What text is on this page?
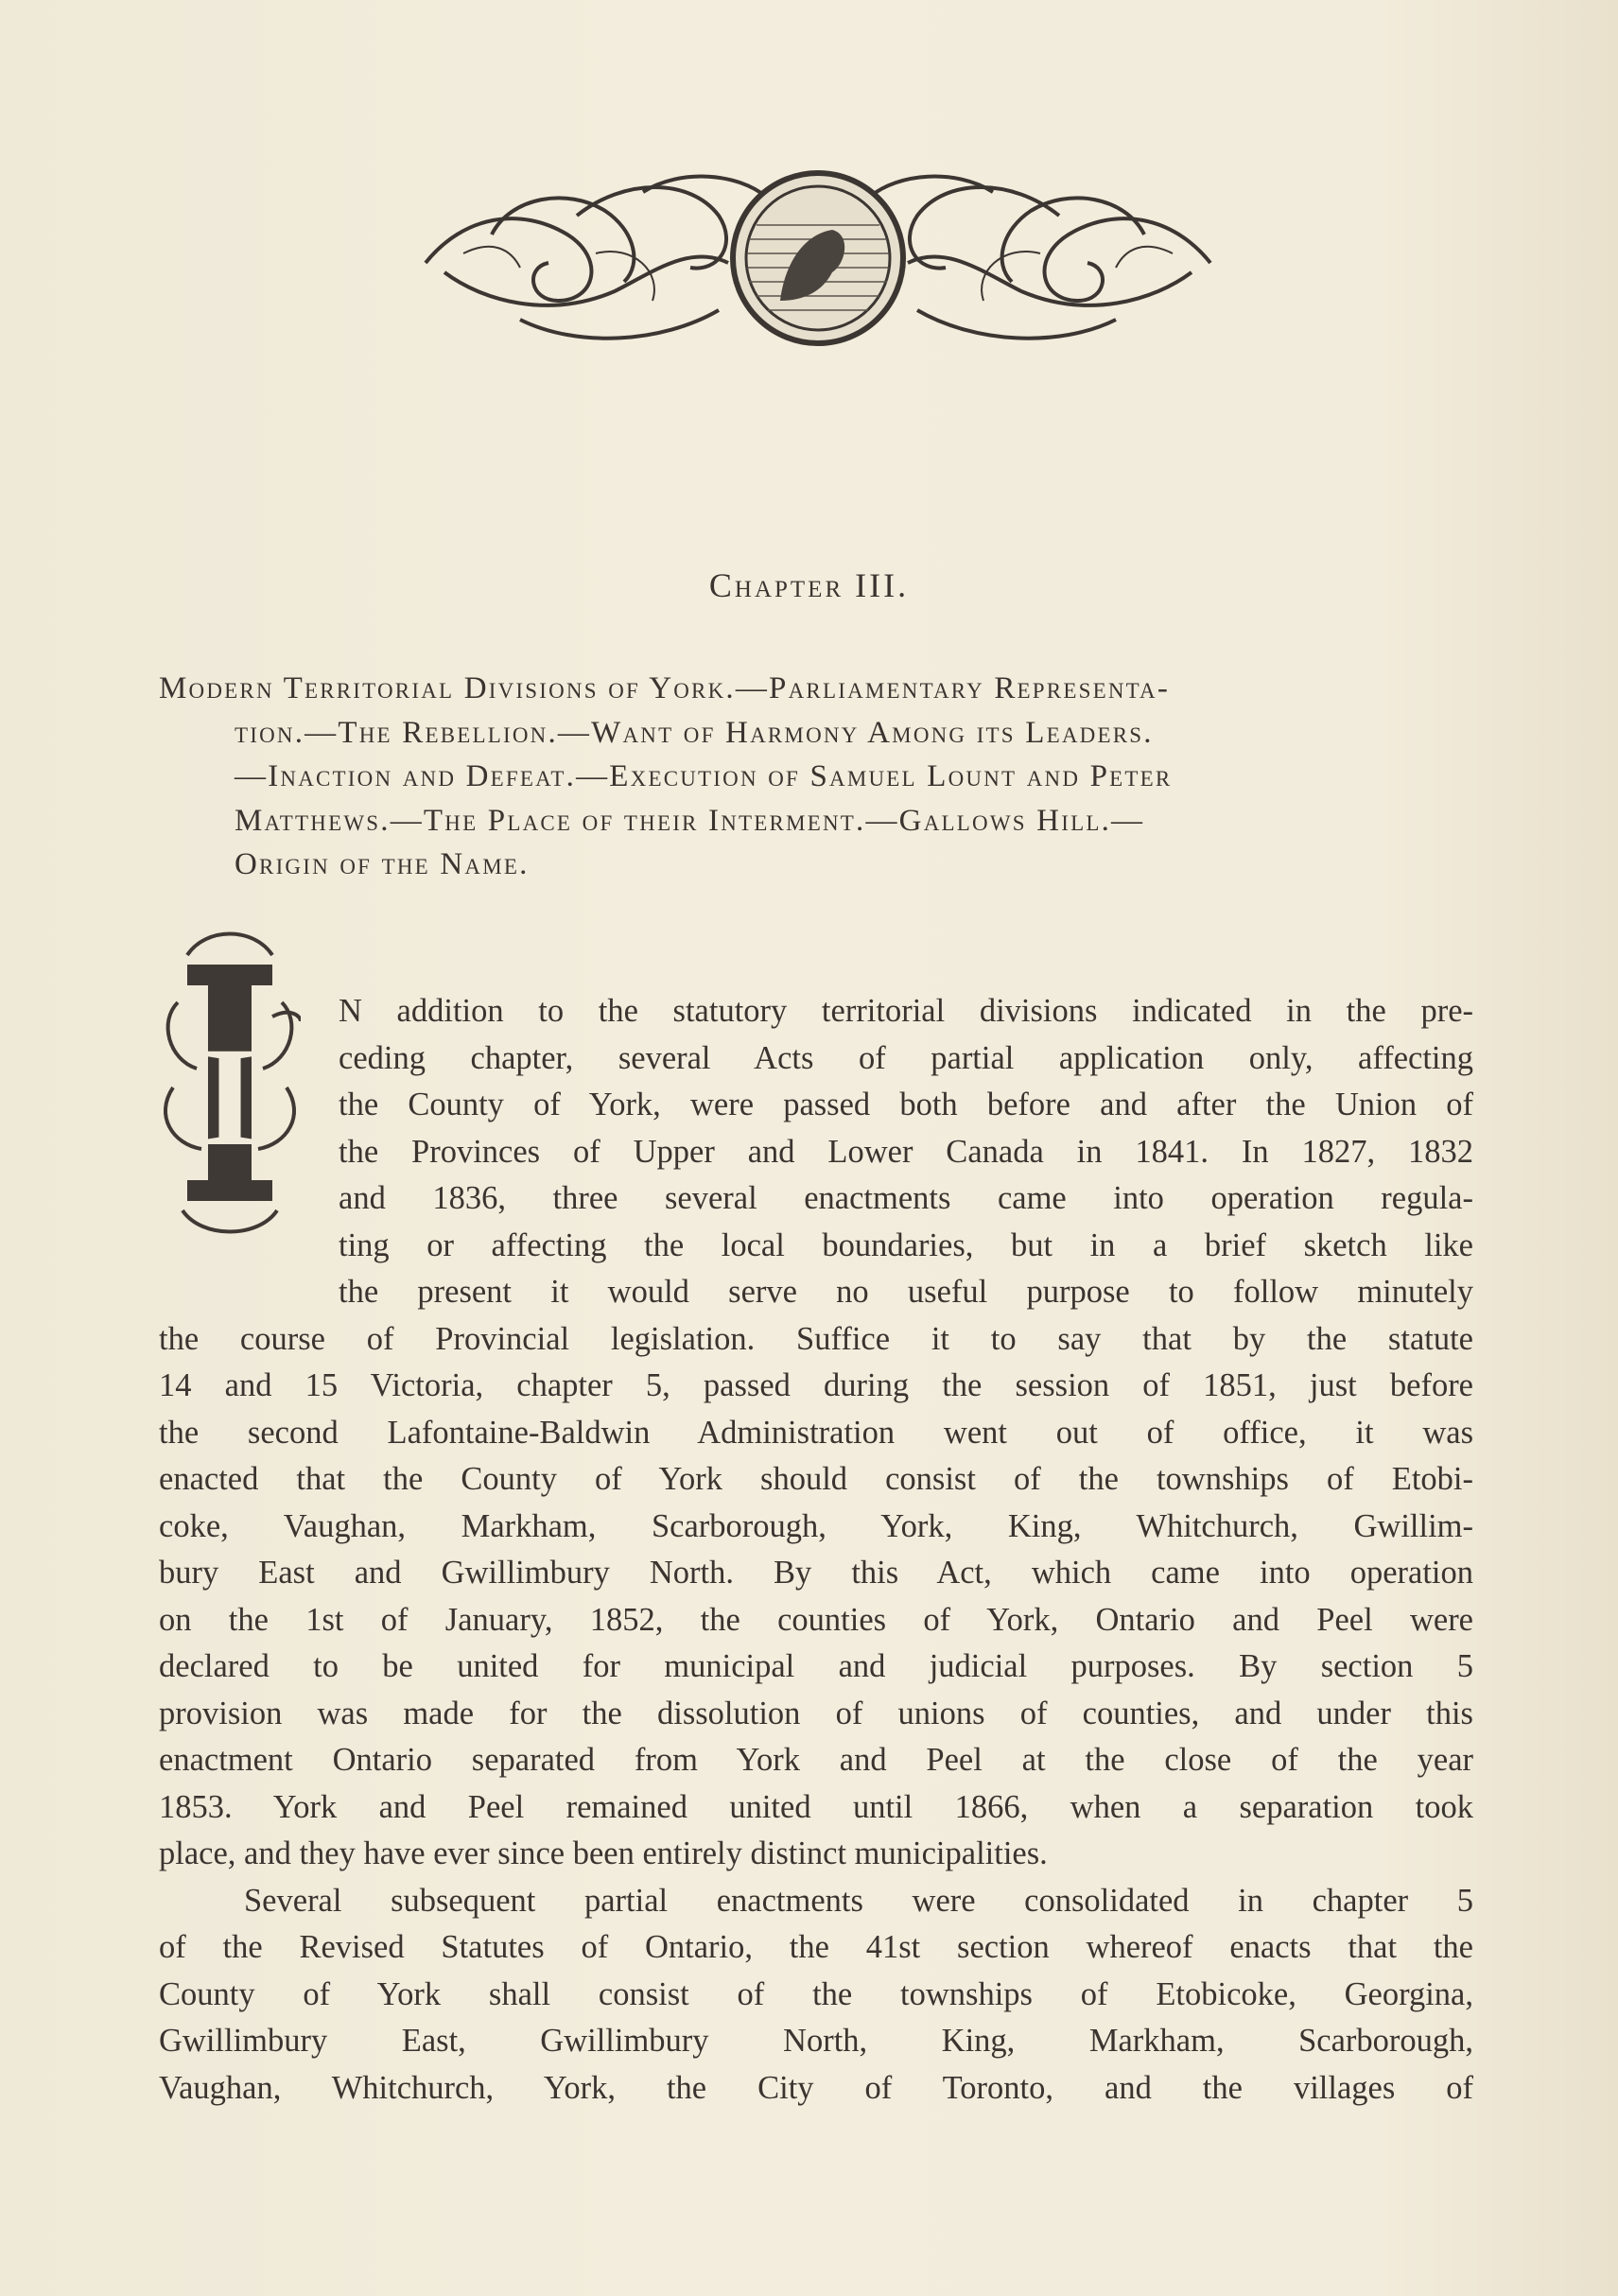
Chapter III.
Modern Territorial Divisions of York.—Parliamentary Representa-
tion.—The Rebellion.—Want of Harmony Among its Leaders.
—Inaction and Defeat.—Execution of Samuel Lount and Peter
Matthews.—The Place of their Interment.—Gallows Hill.—
Origin of the Name.
I
N addition to the statutory territorial divisions indicated in the pre-
ceding chapter, several Acts of partial application only, affecting
the County of York, were passed both before and after the Union of
the Provinces of Upper and Lower Canada in 1841. In 1827, 1832
and 1836, three several enactments came into operation regula-
ting or affecting the local boundaries, but in a brief sketch like
the present it would serve no useful purpose to follow minutely
the course of Provincial legislation. Suffice it to say that by the statute
14 and 15 Victoria, chapter 5, passed during the session of 1851, just before
the second Lafontaine-Baldwin Administration went out of office, it was
enacted that the County of York should consist of the townships of Etobi-
coke, Vaughan, Markham, Scarborough, York, King, Whitchurch, Gwillim-
bury East and Gwillimbury North. By this Act, which came into operation
on the 1st of January, 1852, the counties of York, Ontario and Peel were
declared to be united for municipal and judicial purposes. By section 5
provision was made for the dissolution of unions of counties, and under this
enactment Ontario separated from York and Peel at the close of the year
1853. York and Peel remained united until 1866, when a separation took
place, and they have ever since been entirely distinct municipalities.
Several subsequent partial enactments were consolidated in chapter 5
of the Revised Statutes of Ontario, the 41st section whereof enacts that the
County of York shall consist of the townships of Etobicoke, Georgina,
Gwillimbury East, Gwillimbury North, King, Markham, Scarborough,
Vaughan, Whitchurch, York, the City of Toronto, and the villages of
